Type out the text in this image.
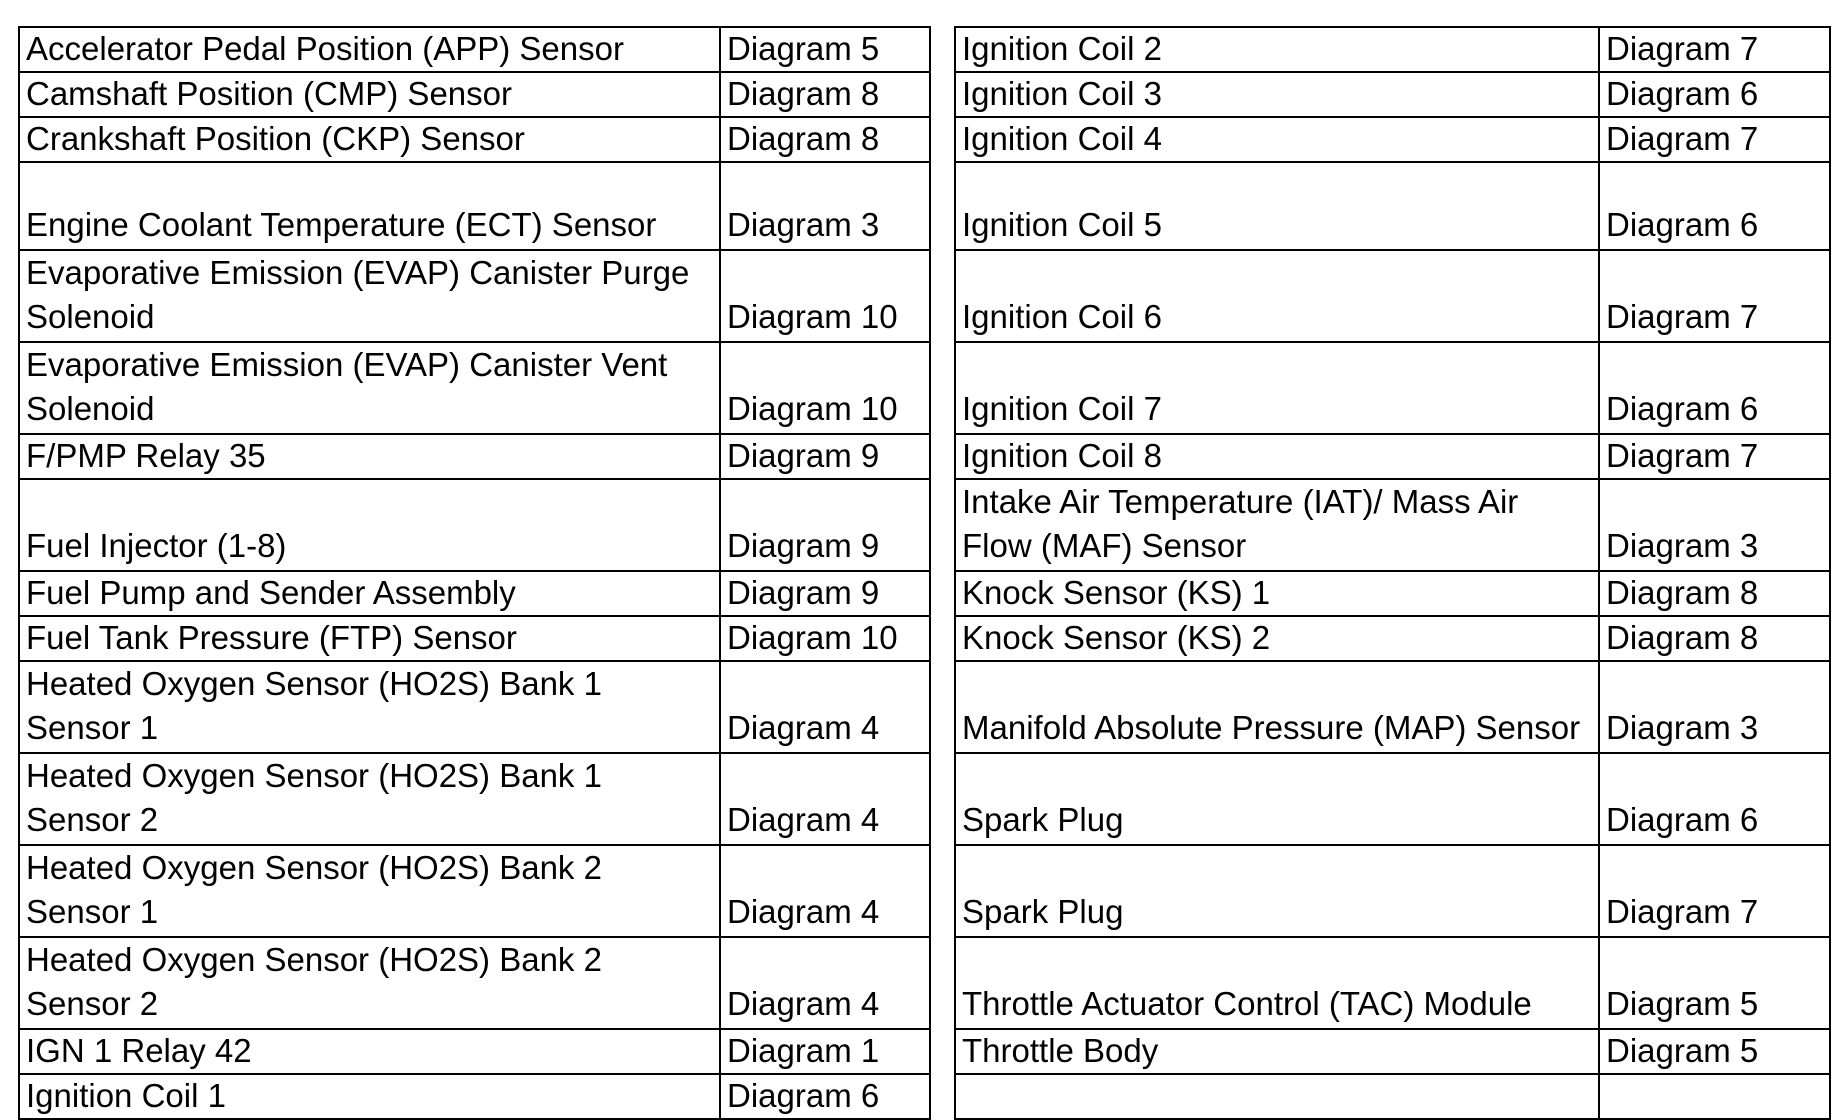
Accelerator Pedal Position (APP) Sensor	Diagram 5		Ignition Coil 2	Diagram 7
Camshaft Position (CMP) Sensor	Diagram 8		Ignition Coil 3	Diagram 6
Crankshaft Position (CKP) Sensor	Diagram 8		Ignition Coil 4	Diagram 7
Engine Coolant Temperature (ECT) Sensor	Diagram 3		Ignition Coil 5	Diagram 6
Evaporative Emission (EVAP) Canister Purge Solenoid	Diagram 10		Ignition Coil 6	Diagram 7
Evaporative Emission (EVAP) Canister Vent Solenoid	Diagram 10		Ignition Coil 7	Diagram 6
F/PMP Relay 35	Diagram 9		Ignition Coil 8	Diagram 7
Fuel Injector (1-8)	Diagram 9		Intake Air Temperature (IAT)/ Mass Air Flow (MAF) Sensor	Diagram 3
Fuel Pump and Sender Assembly	Diagram 9		Knock Sensor (KS) 1	Diagram 8
Fuel Tank Pressure (FTP) Sensor	Diagram 10		Knock Sensor (KS) 2	Diagram 8
Heated Oxygen Sensor (HO2S) Bank 1 Sensor 1	Diagram 4		Manifold Absolute Pressure (MAP) Sensor	Diagram 3
Heated Oxygen Sensor (HO2S) Bank 1 Sensor 2	Diagram 4		Spark Plug	Diagram 6
Heated Oxygen Sensor (HO2S) Bank 2 Sensor 1	Diagram 4		Spark Plug	Diagram 7
Heated Oxygen Sensor (HO2S) Bank 2 Sensor 2	Diagram 4		Throttle Actuator Control (TAC) Module	Diagram 5
IGN 1 Relay 42	Diagram 1		Throttle Body	Diagram 5
Ignition Coil 1	Diagram 6			
